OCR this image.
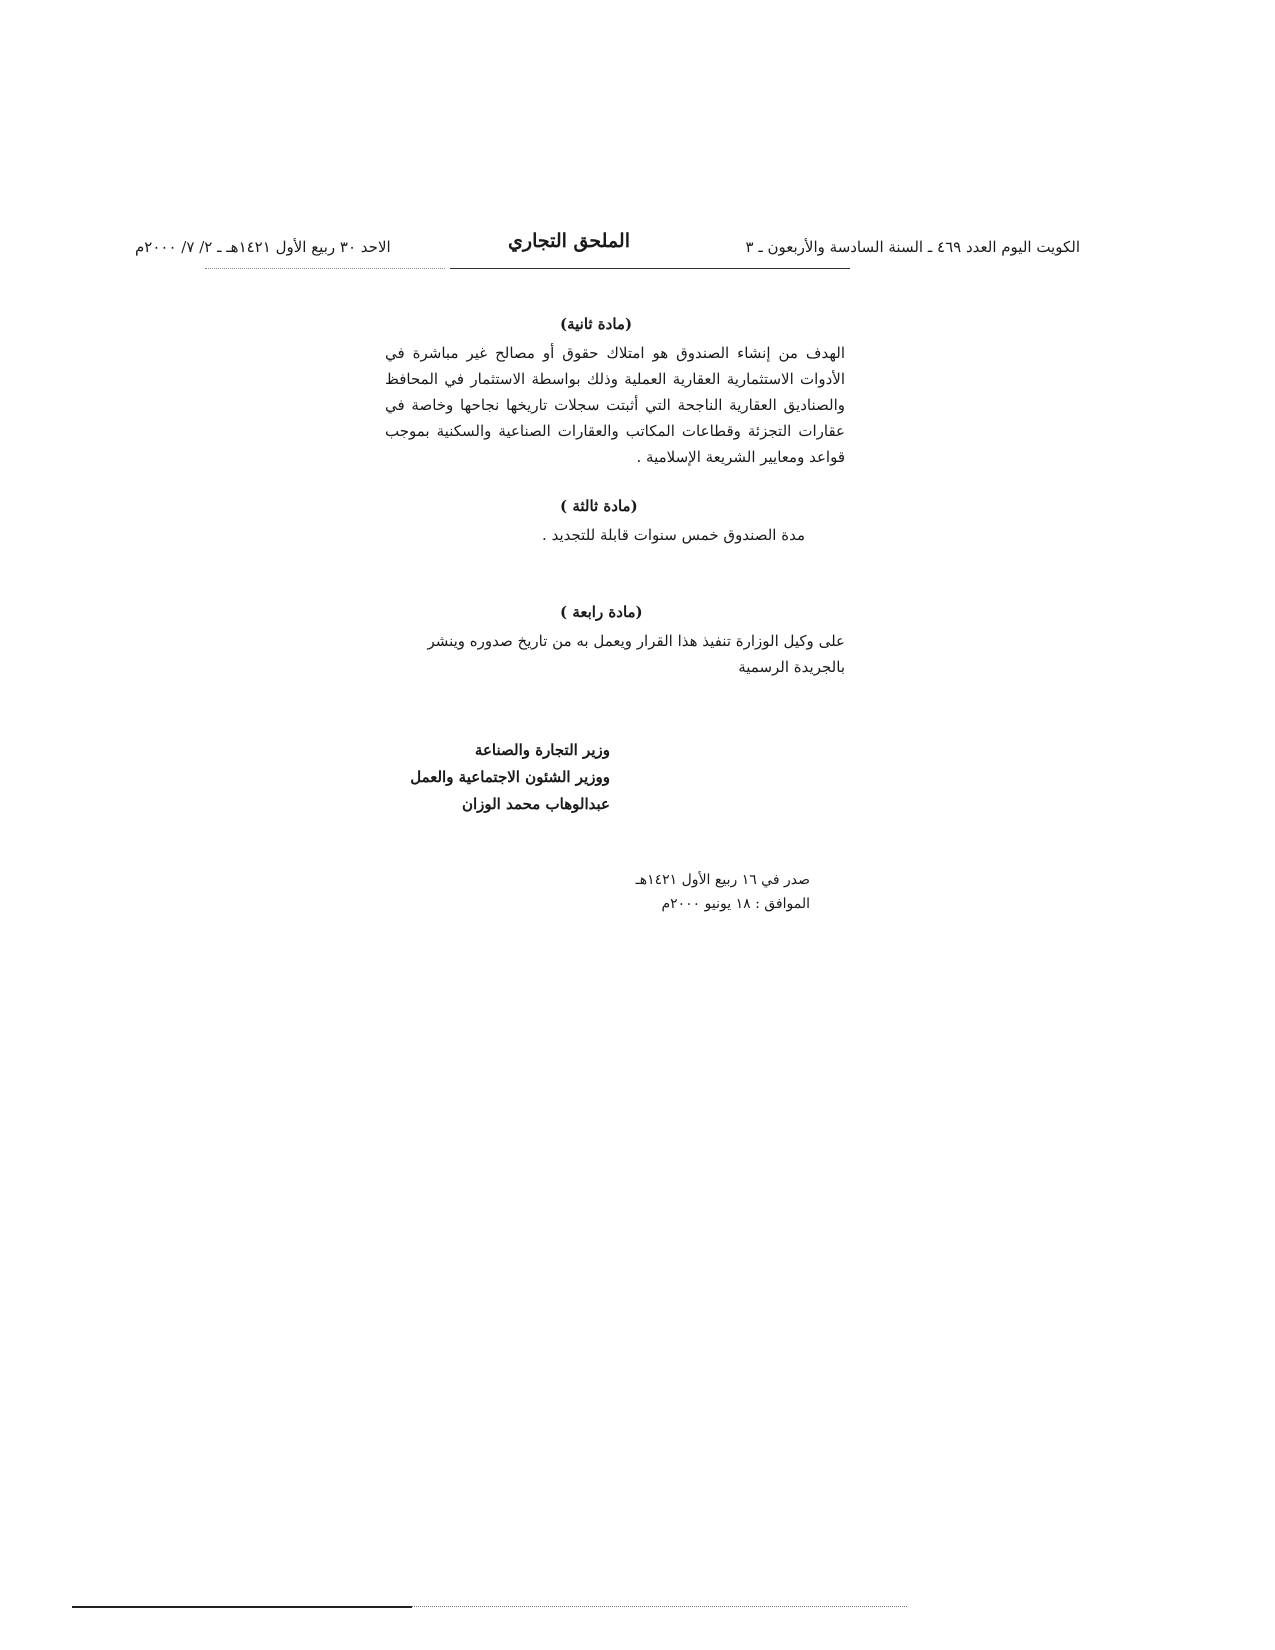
الكويت اليوم العدد ٤٦٩ ـ السنة السادسة والأربعون ـ ٣
الملحق التجاري
الاحد ٣٠ ربيع الأول ١٤٢١هـ ـ ٢/ ٧/ ٢٠٠٠م
(مادة ثانية)
الهدف من إنشاء الصندوق هو امتلاك حقوق أو مصالح غير مباشرة في الأدوات الاستثمارية العقارية العملية وذلك بواسطة الاستثمار في المحافظ والصناديق العقارية الناجحة التي أثبتت سجلات تاريخها نجاحها وخاصة في عقارات التجزئة وقطاعات المكاتب والعقارات الصناعية والسكنية بموجب قواعد ومعايير الشريعة الإسلامية .
(مادة ثالثة )
مدة الصندوق خمس سنوات قابلة للتجديد .
(مادة رابعة )
على وكيل الوزارة تنفيذ هذا القرار ويعمل به من تاريخ صدوره وينشر بالجريدة الرسمية
وزير التجارة والصناعة
ووزير الشئون الاجتماعية والعمل
عبدالوهاب محمد الوزان
صدر في ١٦ ربيع الأول ١٤٢١هـ
الموافق : ١٨ يونيو ٢٠٠٠م
